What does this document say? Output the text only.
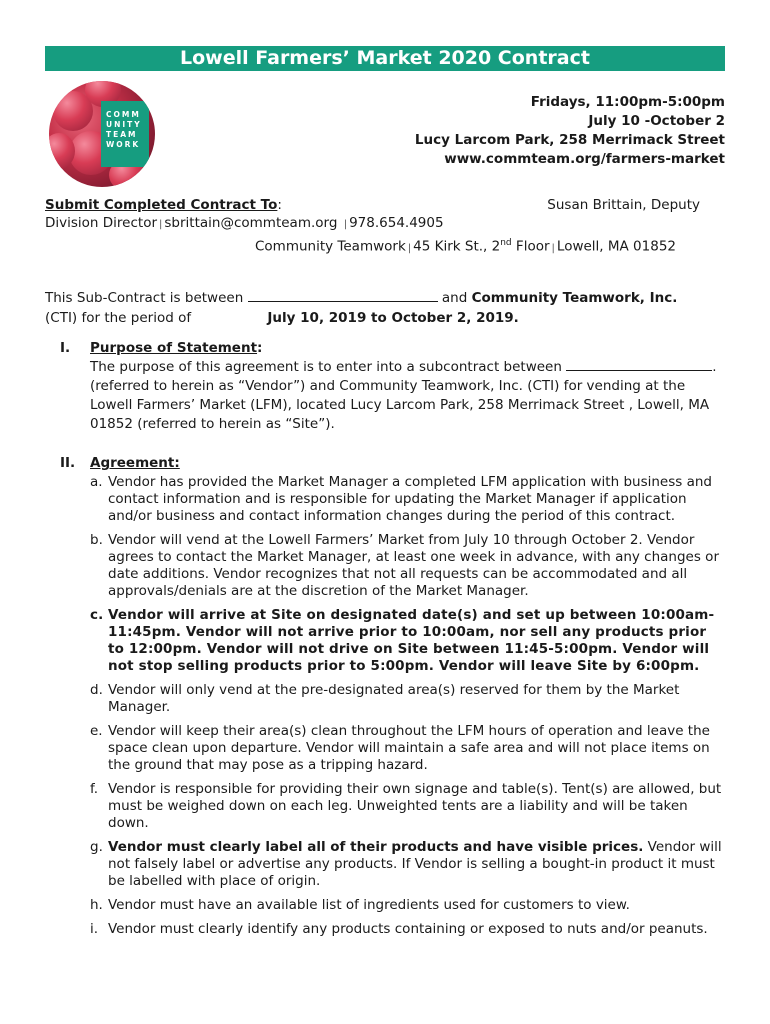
Lowell Farmers’ Market 2020 Contract
COMM
UNITY
TEAM
WORK
Fridays, 11:00pm-5:00pm
July 10 -October 2
Lucy Larcom Park, 258 Merrimack Street
www.commteam.org/farmers-market
Submit Completed Contract To:	Susan Brittain, Deputy
Division Director | sbrittain@commteam.org | 978.654.4905
Community Teamwork | 45 Kirk St., 2nd Floor | Lowell, MA 01852
This Sub-Contract is between	and Community Teamwork, Inc.
(CTI) for the period of	July 10, 2019 to October 2, 2019.
I. Purpose of Statement:
The purpose of this agreement is to enter into a subcontract between	.
(referred to herein as “Vendor”) and Community Teamwork, Inc. (CTI) for vending at the Lowell Farmers’ Market (LFM), located Lucy Larcom Park, 258 Merrimack Street , Lowell, MA 01852 (referred to herein as “Site”).
II. Agreement:
a. Vendor has provided the Market Manager a completed LFM application with business and contact information and is responsible for updating the Market Manager if application and/or business and contact information changes during the period of this contract.
b. Vendor will vend at the Lowell Farmers’ Market from July 10 through October 2. Vendor agrees to contact the Market Manager, at least one week in advance, with any changes or date additions. Vendor recognizes that not all requests can be accommodated and all approvals/denials are at the discretion of the Market Manager.
c. Vendor will arrive at Site on designated date(s) and set up between 10:00am-11:45pm. Vendor will not arrive prior to 10:00am, nor sell any products prior to 12:00pm. Vendor will not drive on Site between 11:45-5:00pm. Vendor will not stop selling products prior to 5:00pm. Vendor will leave Site by 6:00pm.
d. Vendor will only vend at the pre-designated area(s) reserved for them by the Market Manager.
e. Vendor will keep their area(s) clean throughout the LFM hours of operation and leave the space clean upon departure. Vendor will maintain a safe area and will not place items on the ground that may pose as a tripping hazard.
f. Vendor is responsible for providing their own signage and table(s). Tent(s) are allowed, but must be weighed down on each leg. Unweighted tents are a liability and will be taken down.
g. Vendor must clearly label all of their products and have visible prices. Vendor will not falsely label or advertise any products. If Vendor is selling a bought-in product it must be labelled with place of origin.
h. Vendor must have an available list of ingredients used for customers to view.
i. Vendor must clearly identify any products containing or exposed to nuts and/or peanuts.
